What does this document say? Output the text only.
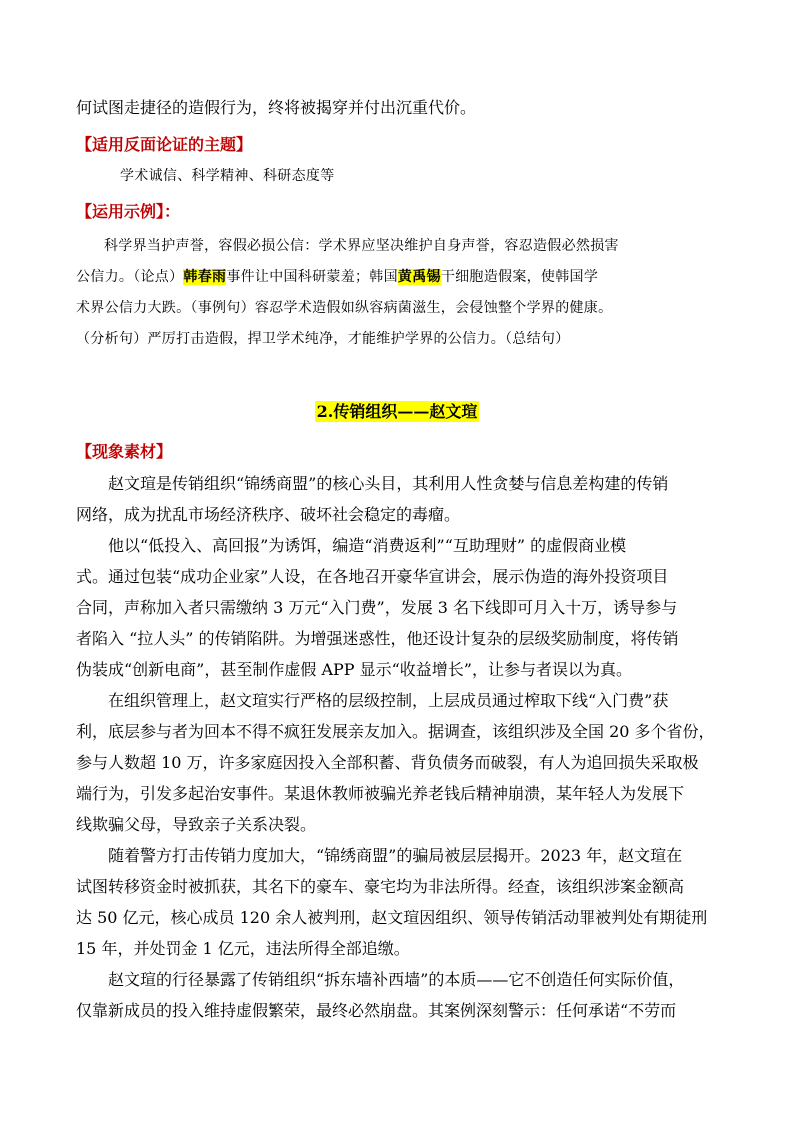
何试图走捷径的造假行为，终将被揭穿并付出沉重代价。
【适用反面论证的主题】
学术诚信、科学精神、科研态度等
【运用示例】：
科学界当护声誉，容假必损公信：学术界应坚决维护自身声誉，容忍造假必然损害
公信力。（论点）韩春雨事件让中国科研蒙羞；韩国黄禹锡干细胞造假案，使韩国学
术界公信力大跌。（事例句）容忍学术造假如纵容病菌滋生，会侵蚀整个学界的健康。
（分析句）严厉打击造假，捍卫学术纯净，才能维护学界的公信力。（总结句）
2.传销组织——赵文瑄
【现象素材】
赵文瑄是传销组织“锦绣商盟”的核心头目，其利用人性贪婪与信息差构建的传销
网络，成为扰乱市场经济秩序、破坏社会稳定的毒瘤。
他以“低投入、高回报”为诱饵，编造“消费返利”“互助理财” 的虚假商业模
式。通过包装“成功企业家”人设，在各地召开豪华宣讲会，展示伪造的海外投资项目
合同，声称加入者只需缴纳 3 万元“入门费”，发展 3 名下线即可月入十万，诱导参与
者陷入 “拉人头” 的传销陷阱。为增强迷惑性，他还设计复杂的层级奖励制度，将传销
伪装成“创新电商”，甚至制作虚假 APP 显示“收益增长”，让参与者误以为真。
在组织管理上，赵文瑄实行严格的层级控制，上层成员通过榨取下线“入门费”获
利，底层参与者为回本不得不疯狂发展亲友加入。据调查，该组织涉及全国 20 多个省份，
参与人数超 10 万，许多家庭因投入全部积蓄、背负债务而破裂，有人为追回损失采取极
端行为，引发多起治安事件。某退休教师被骗光养老钱后精神崩溃，某年轻人为发展下
线欺骗父母，导致亲子关系决裂。
随着警方打击传销力度加大，“锦绣商盟”的骗局被层层揭开。2023 年，赵文瑄在
试图转移资金时被抓获，其名下的豪车、豪宅均为非法所得。经查，该组织涉案金额高
达 50 亿元，核心成员 120 余人被判刑，赵文瑄因组织、领导传销活动罪被判处有期徒刑
15 年，并处罚金 1 亿元，违法所得全部追缴。
赵文瑄的行径暴露了传销组织“拆东墙补西墙”的本质——它不创造任何实际价值，
仅靠新成员的投入维持虚假繁荣，最终必然崩盘。其案例深刻警示：任何承诺“不劳而
